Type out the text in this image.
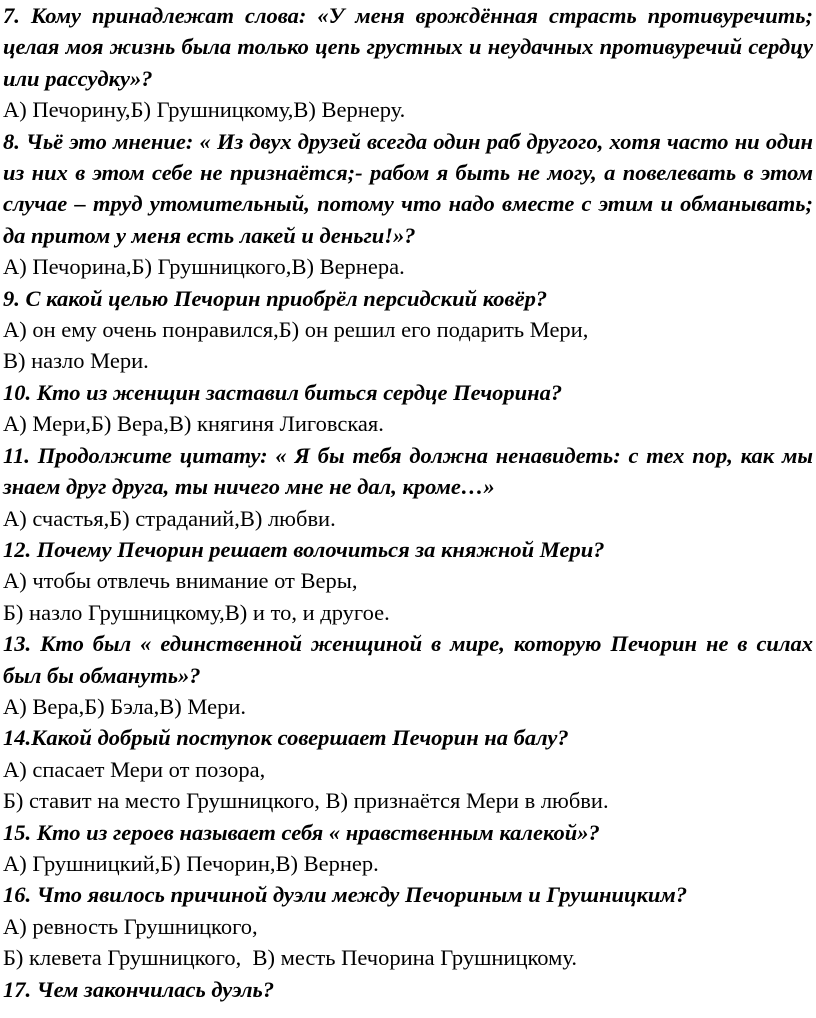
7. Кому принадлежат слова: «У меня врождённая страсть противуречить; целая моя жизнь была только цепь грустных и неудачных противуречий сердцу или рассудку»?

А) Печорину,Б) Грушницкому,В) Вернеру.

8. Чьё это мнение: « Из двух друзей всегда один раб другого, хотя часто ни один из них в этом себе не признаётся;- рабом я быть не могу, а повелевать в этом случае – труд утомительный, потому что надо вместе с этим и обманывать; да притом у меня есть лакей и деньги!»?

А) Печорина,Б) Грушницкого,В) Вернера.

9. С какой целью Печорин приобрёл персидский ковёр?

А) он ему очень понравился,Б) он решил его подарить Мери,

В) назло Мери.

10. Кто из женщин заставил биться сердце Печорина?

А) Мери,Б) Вера,В) княгиня Лиговская.

11. Продолжите цитату: « Я бы тебя должна ненавидеть: с тех пор, как мы знаем друг друга, ты ничего мне не дал, кроме…»

А) счастья,Б) страданий,В) любви.

12. Почему Печорин решает волочиться за княжной Мери?

А) чтобы отвлечь внимание от Веры,

Б) назло Грушницкому,В) и то, и другое.

13. Кто был « единственной женщиной в мире, которую Печорин не в силах был бы обмануть»?

А) Вера,Б) Бэла,В) Мери.

14.Какой добрый поступок совершает Печорин на балу?

А) спасает Мери от позора,

Б) ставит на место Грушницкого, В) признаётся Мери в любви.

15. Кто из героев называет себя « нравственным калекой»?

А) Грушницкий,Б) Печорин,В) Вернер.

16. Что явилось причиной дуэли между Печориным и Грушницким?

А) ревность Грушницкого,

Б) клевета Грушницкого, В) месть Печорина Грушницкому.

17. Чем закончилась дуэль?
